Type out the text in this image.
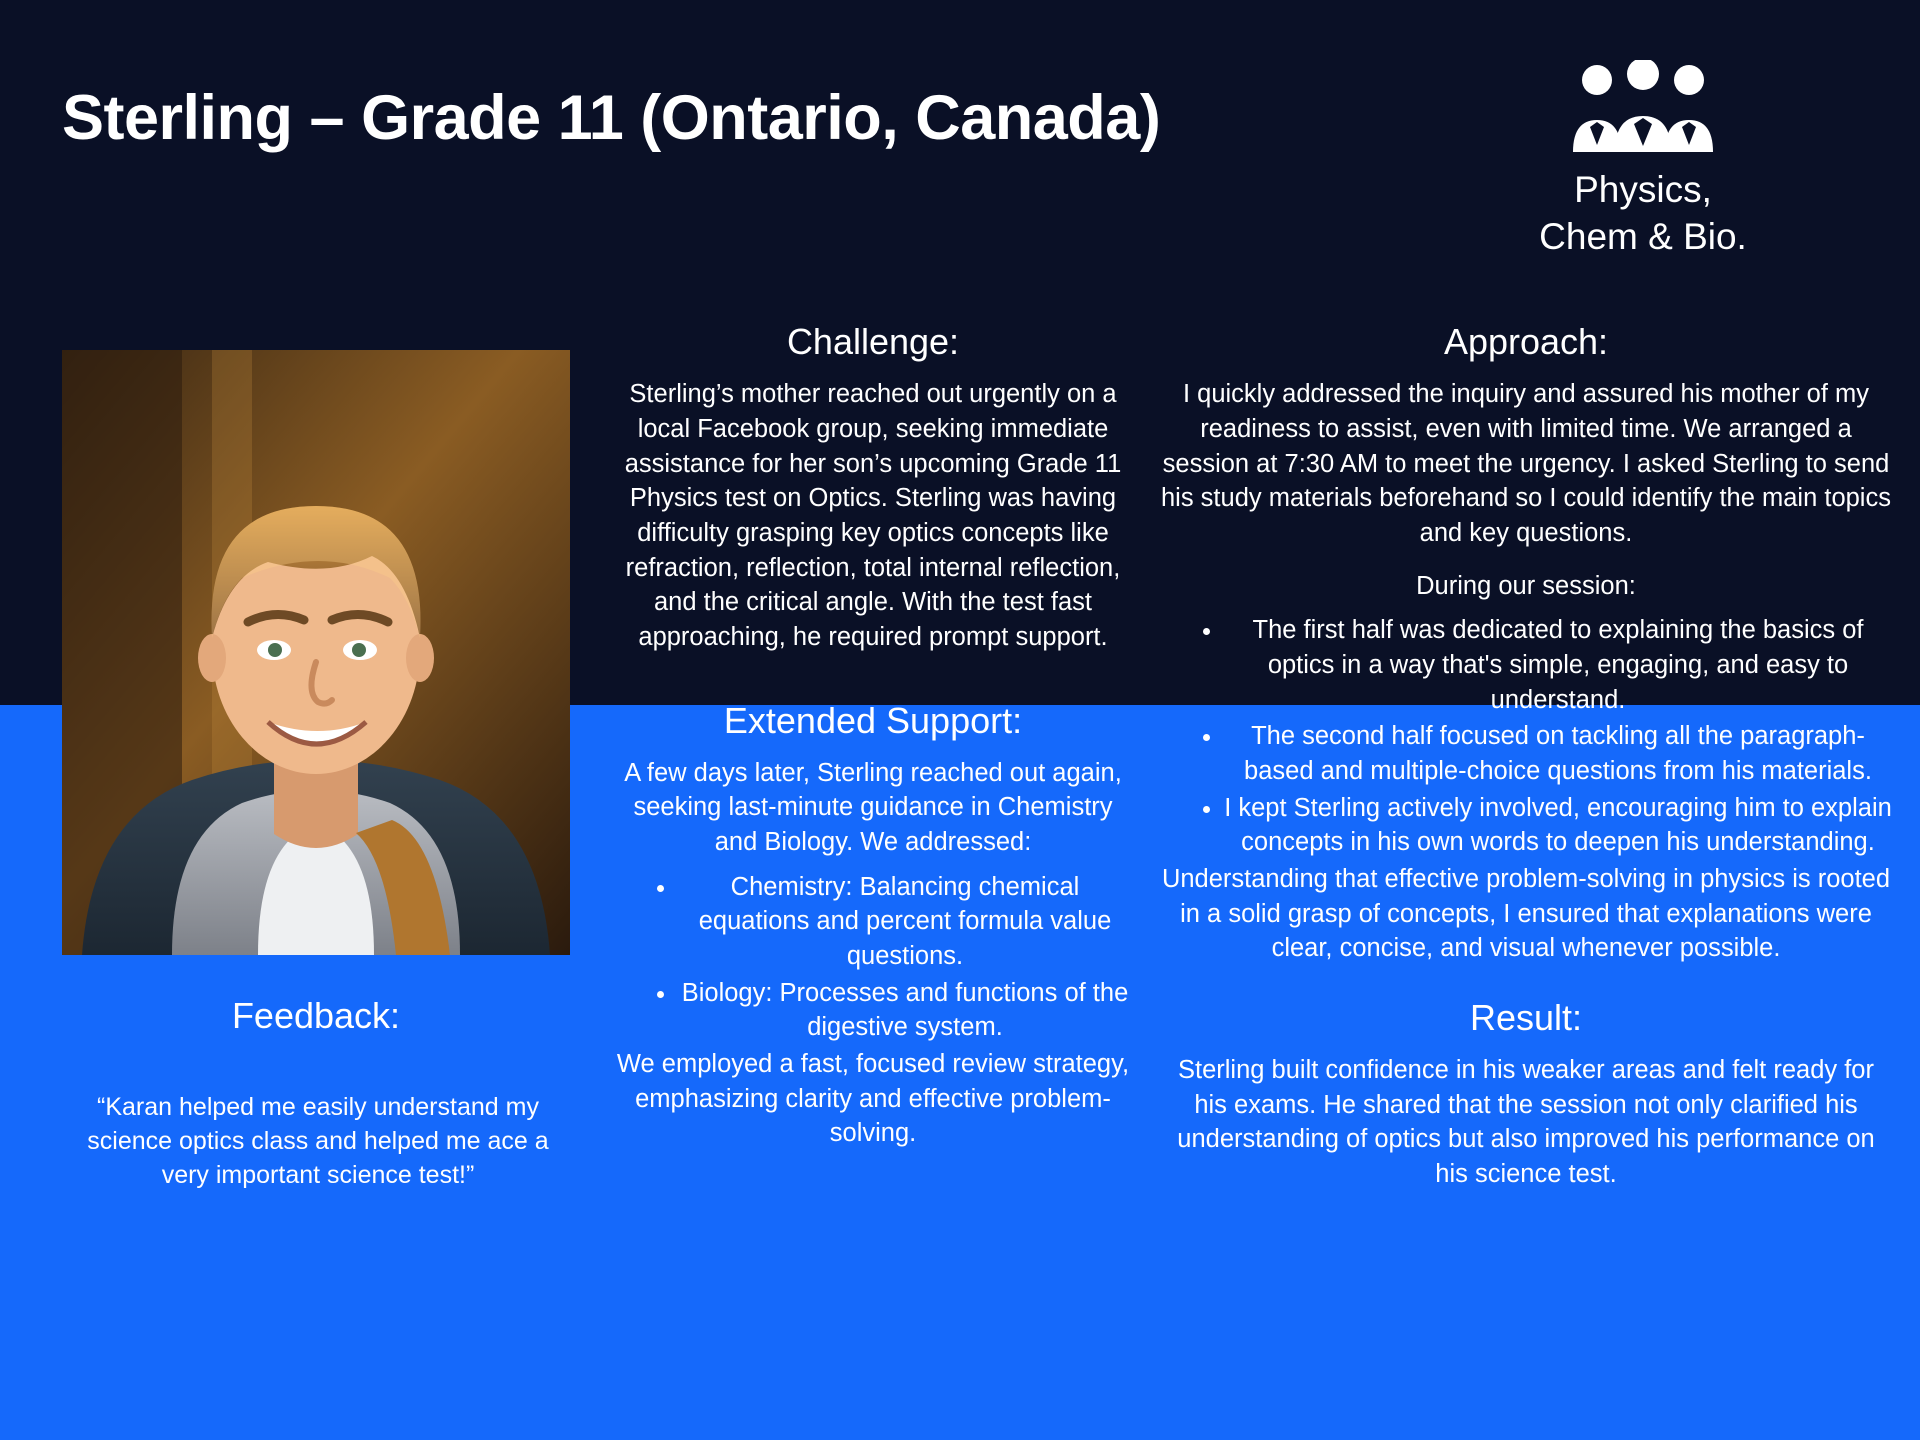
Sterling – Grade 11 (Ontario, Canada)
Physics,
Chem & Bio.
Feedback:
“Karan helped me easily understand my science optics class and helped me ace a very important science test!”
Challenge:

Sterling’s mother reached out urgently on a local Facebook group, seeking immediate assistance for her son’s upcoming Grade 11 Physics test on Optics. Sterling was having difficulty grasping key optics concepts like refraction, reflection, total internal reflection, and the critical angle. With the test fast approaching, he required prompt support.

Extended Support:

A few days later, Sterling reached out again, seeking last-minute guidance in Chemistry and Biology. We addressed:

• Chemistry: Balancing chemical equations and percent formula value questions.
• Biology: Processes and functions of the digestive system.

We employed a fast, focused review strategy, emphasizing clarity and effective problem-solving.

Approach:

I quickly addressed the inquiry and assured his mother of my readiness to assist, even with limited time. We arranged a session at 7:30 AM to meet the urgency. I asked Sterling to send his study materials beforehand so I could identify the main topics and key questions.

During our session:

• The first half was dedicated to explaining the basics of optics in a way that's simple, engaging, and easy to understand.
• The second half focused on tackling all the paragraph-based and multiple-choice questions from his materials.
• I kept Sterling actively involved, encouraging him to explain concepts in his own words to deepen his understanding.

Understanding that effective problem-solving in physics is rooted in a solid grasp of concepts, I ensured that explanations were clear, concise, and visual whenever possible.

Result:

Sterling built confidence in his weaker areas and felt ready for his exams. He shared that the session not only clarified his understanding of optics but also improved his performance on his science test.
